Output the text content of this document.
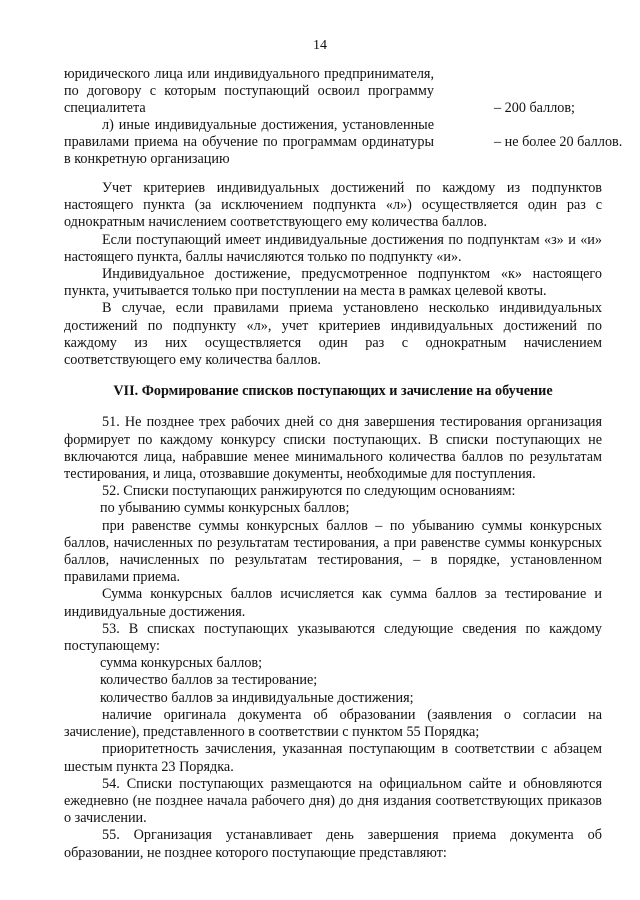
14
юридического лица или индивидуального предпринимателя, по договору с которым поступающий освоил программу специалитета	– 200 баллов;
л) иные индивидуальные достижения, установленные правилами приема на обучение по программам ординатуры в конкретную организацию
– не более 20 баллов.

Учет критериев индивидуальных достижений по каждому из подпунктов настоящего пункта (за исключением подпункта «л») осуществляется один раз с однократным начислением соответствующего ему количества баллов.

Если поступающий имеет индивидуальные достижения по подпунктам «з» и «и» настоящего пункта, баллы начисляются только по подпункту «и».

Индивидуальное достижение, предусмотренное подпунктом «к» настоящего пункта, учитывается только при поступлении на места в рамках целевой квоты.

В случае, если правилами приема установлено несколько индивидуальных достижений по подпункту «л», учет критериев индивидуальных достижений по каждому из них осуществляется один раз с однократным начислением соответствующего ему количества баллов.

VII. Формирование списков поступающих и зачисление на обучение

51. Не позднее трех рабочих дней со дня завершения тестирования организация формирует по каждому конкурсу списки поступающих. В списки поступающих не включаются лица, набравшие менее минимального количества баллов по результатам тестирования, и лица, отозвавшие документы, необходимые для поступления.

52. Списки поступающих ранжируются по следующим основаниям:

по убыванию суммы конкурсных баллов;

при равенстве суммы конкурсных баллов – по убыванию суммы конкурсных баллов, начисленных по результатам тестирования, а при равенстве суммы конкурсных баллов, начисленных по результатам тестирования, – в порядке, установленном правилами приема.

Сумма конкурсных баллов исчисляется как сумма баллов за тестирование и индивидуальные достижения.

53. В списках поступающих указываются следующие сведения по каждому поступающему:

сумма конкурсных баллов;

количество баллов за тестирование;

количество баллов за индивидуальные достижения;

наличие оригинала документа об образовании (заявления о согласии на зачисление), представленного в соответствии с пунктом 55 Порядка;

приоритетность зачисления, указанная поступающим в соответствии с абзацем шестым пункта 23 Порядка.

54. Списки поступающих размещаются на официальном сайте и обновляются ежедневно (не позднее начала рабочего дня) до дня издания соответствующих приказов о зачислении.

55. Организация устанавливает день завершения приема документа об образовании, не позднее которого поступающие представляют:
